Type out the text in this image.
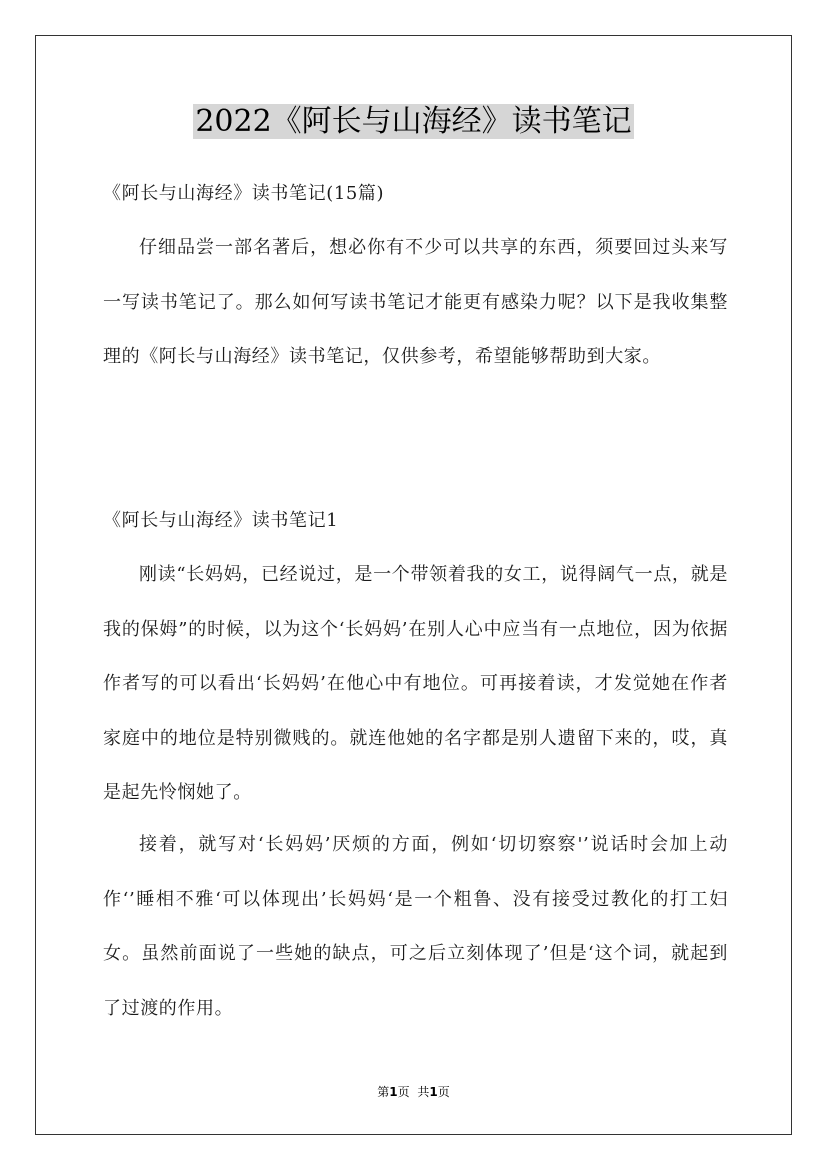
2022《阿长与山海经》读书笔记
《阿长与山海经》读书笔记(15篇)

仔细品尝一部名著后，想必你有不少可以共享的东西，须要回过头来写一写读书笔记了。那么如何写读书笔记才能更有感染力呢？以下是我收集整理的《阿长与山海经》读书笔记，仅供参考，希望能够帮助到大家。

《阿长与山海经》读书笔记1

刚读“长妈妈，已经说过，是一个带领着我的女工，说得阔气一点，就是我的保姆”的时候，以为这个‘长妈妈’在别人心中应当有一点地位，因为依据作者写的可以看出‘长妈妈’在他心中有地位。可再接着读，才发觉她在作者家庭中的地位是特别微贱的。就连他她的名字都是别人遗留下来的，哎，真是起先怜悯她了。

接着，就写对‘长妈妈’厌烦的方面，例如‘切切察察'’说话时会加上动作‘’睡相不雅‘可以体现出’长妈妈‘是一个粗鲁、没有接受过教化的打工妇女。虽然前面说了一些她的缺点，可之后立刻体现了’但是‘这个词，就起到了过渡的作用。

第1页 共1页
